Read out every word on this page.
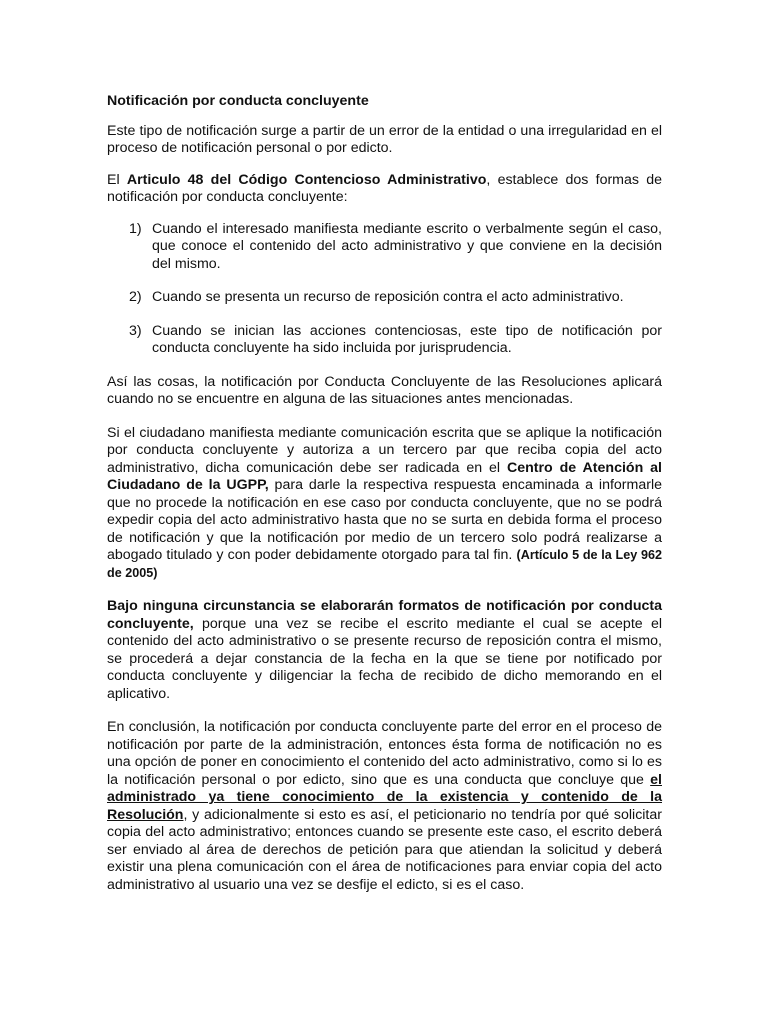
Notificación por conducta concluyente

Este tipo de notificación surge a partir de un error de la entidad o una irregularidad en el proceso de notificación personal o por edicto.

El Articulo 48 del Código Contencioso Administrativo, establece dos formas de notificación por conducta concluyente:

1) Cuando el interesado manifiesta mediante escrito o verbalmente según el caso, que conoce el contenido del acto administrativo y que conviene en la decisión del mismo.
2) Cuando se presenta un recurso de reposición contra el acto administrativo.
3) Cuando se inician las acciones contenciosas, este tipo de notificación por conducta concluyente ha sido incluida por jurisprudencia.

Así las cosas, la notificación por Conducta Concluyente de las Resoluciones aplicará cuando no se encuentre en alguna de las situaciones antes mencionadas.

Si el ciudadano manifiesta mediante comunicación escrita que se aplique la notificación por conducta concluyente y autoriza a un tercero par que reciba copia del acto administrativo, dicha comunicación debe ser radicada en el Centro de Atención al Ciudadano de la UGPP, para darle la respectiva respuesta encaminada a informarle que no procede la notificación en ese caso por conducta concluyente, que no se podrá expedir copia del acto administrativo hasta que no se surta en debida forma el proceso de notificación y que la notificación por medio de un tercero solo podrá realizarse a abogado titulado y con poder debidamente otorgado para tal fin. (Artículo 5 de la Ley 962 de 2005)

Bajo ninguna circunstancia se elaborarán formatos de notificación por conducta concluyente, porque una vez se recibe el escrito mediante el cual se acepte el contenido del acto administrativo o se presente recurso de reposición contra el mismo, se procederá a dejar constancia de la fecha en la que se tiene por notificado por conducta concluyente y diligenciar la fecha de recibido de dicho memorando en el aplicativo.

En conclusión, la notificación por conducta concluyente parte del error en el proceso de notificación por parte de la administración, entonces ésta forma de notificación no es una opción de poner en conocimiento el contenido del acto administrativo, como si lo es la notificación personal o por edicto, sino que es una conducta que concluye que el administrado ya tiene conocimiento de la existencia y contenido de la Resolución, y adicionalmente si esto es así, el peticionario no tendría por qué solicitar copia del acto administrativo; entonces cuando se presente este caso, el escrito deberá ser enviado al área de derechos de petición para que atiendan la solicitud y deberá existir una plena comunicación con el área de notificaciones para enviar copia del acto administrativo al usuario una vez se desfije el edicto, si es el caso.
